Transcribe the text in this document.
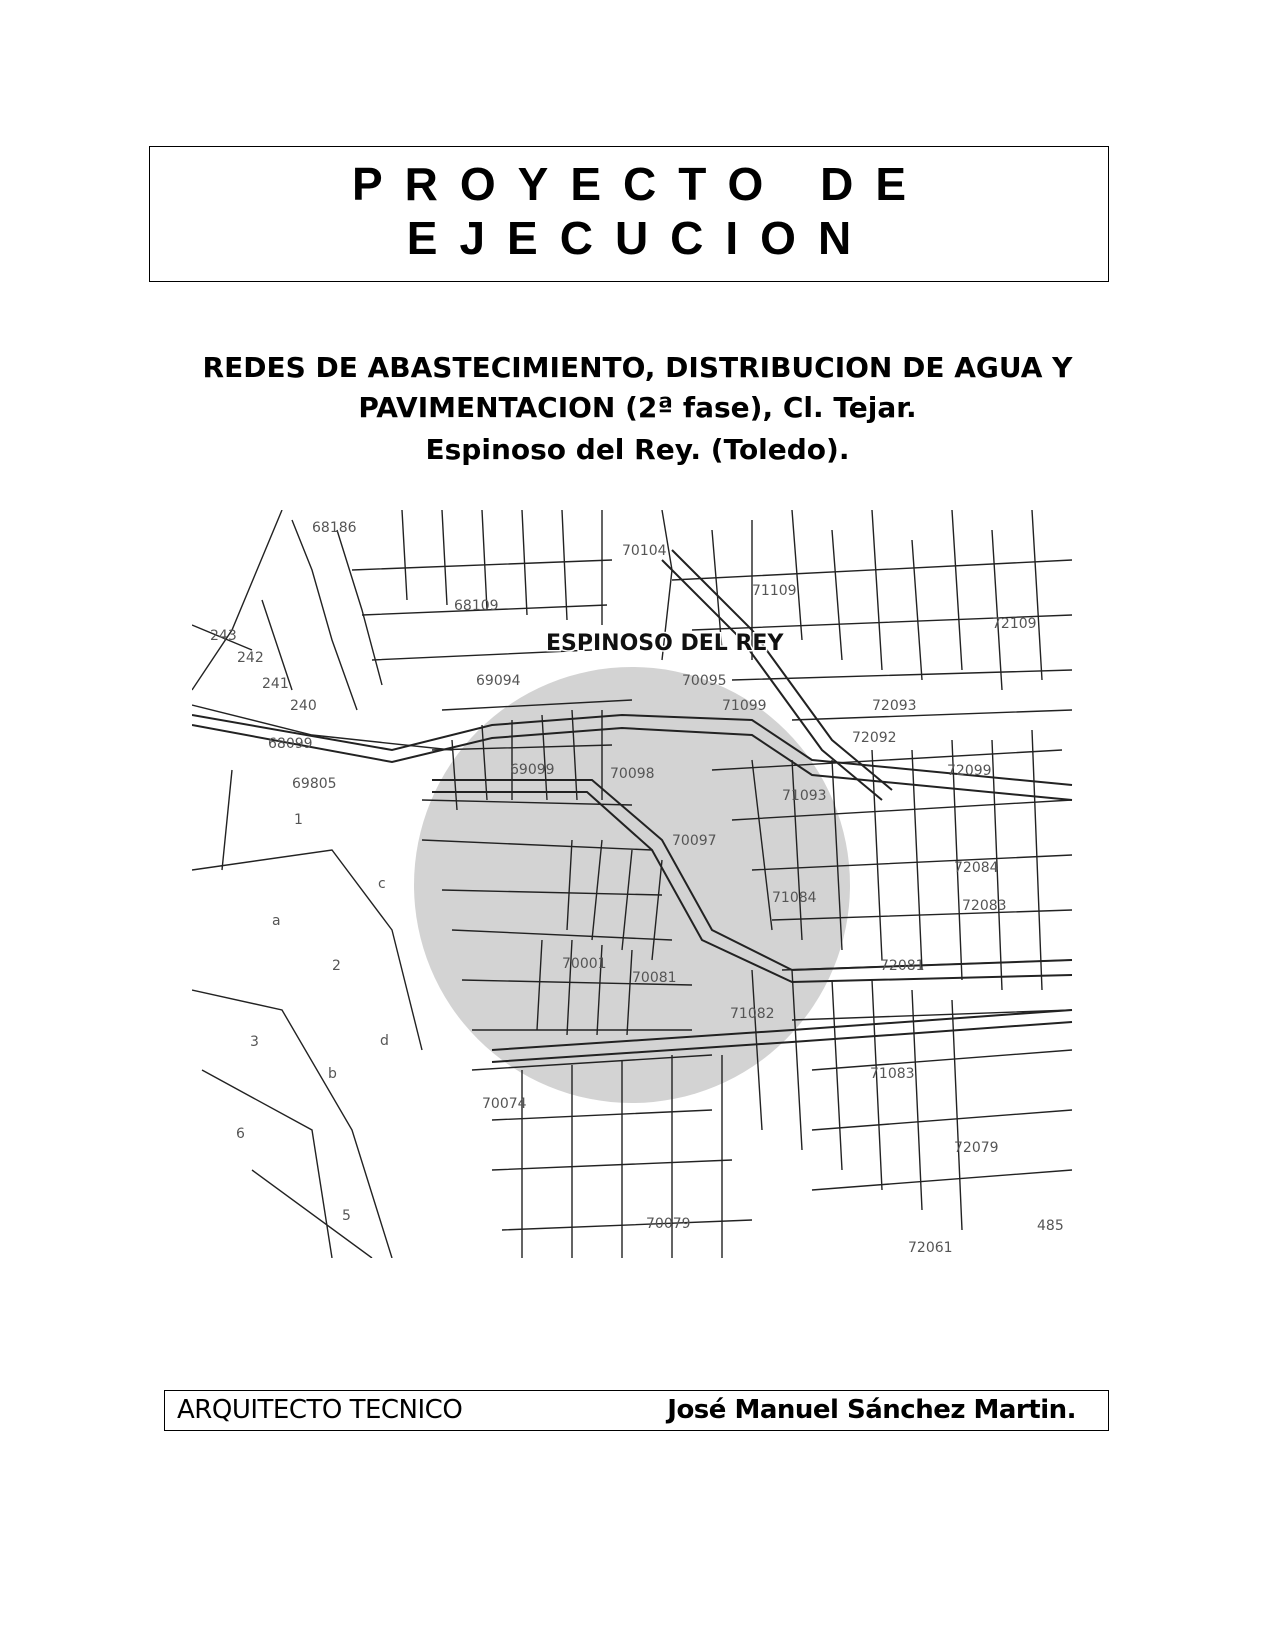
PROYECTO DE EJECUCION

REDES DE ABASTECIMIENTO, DISTRIBUCION DE AGUA Y

PAVIMENTACION (2ª fase), Cl. Tejar.

Espinoso del Rey. (Toledo).

ESPINOSO DEL REY
68186
68109
70104
71109
72109
69094	70095
71099	72093
72092
72099
69099	70098
70097
71093
72084
71084	72083
70001
70081
72081
71082
70074
71083
72079
70079
72061
69805
68099
243
242
241
240
485
1
2
3
5
6
a
b
c
d
ARQUITECTO TECNICO	José Manuel Sánchez Martin.
